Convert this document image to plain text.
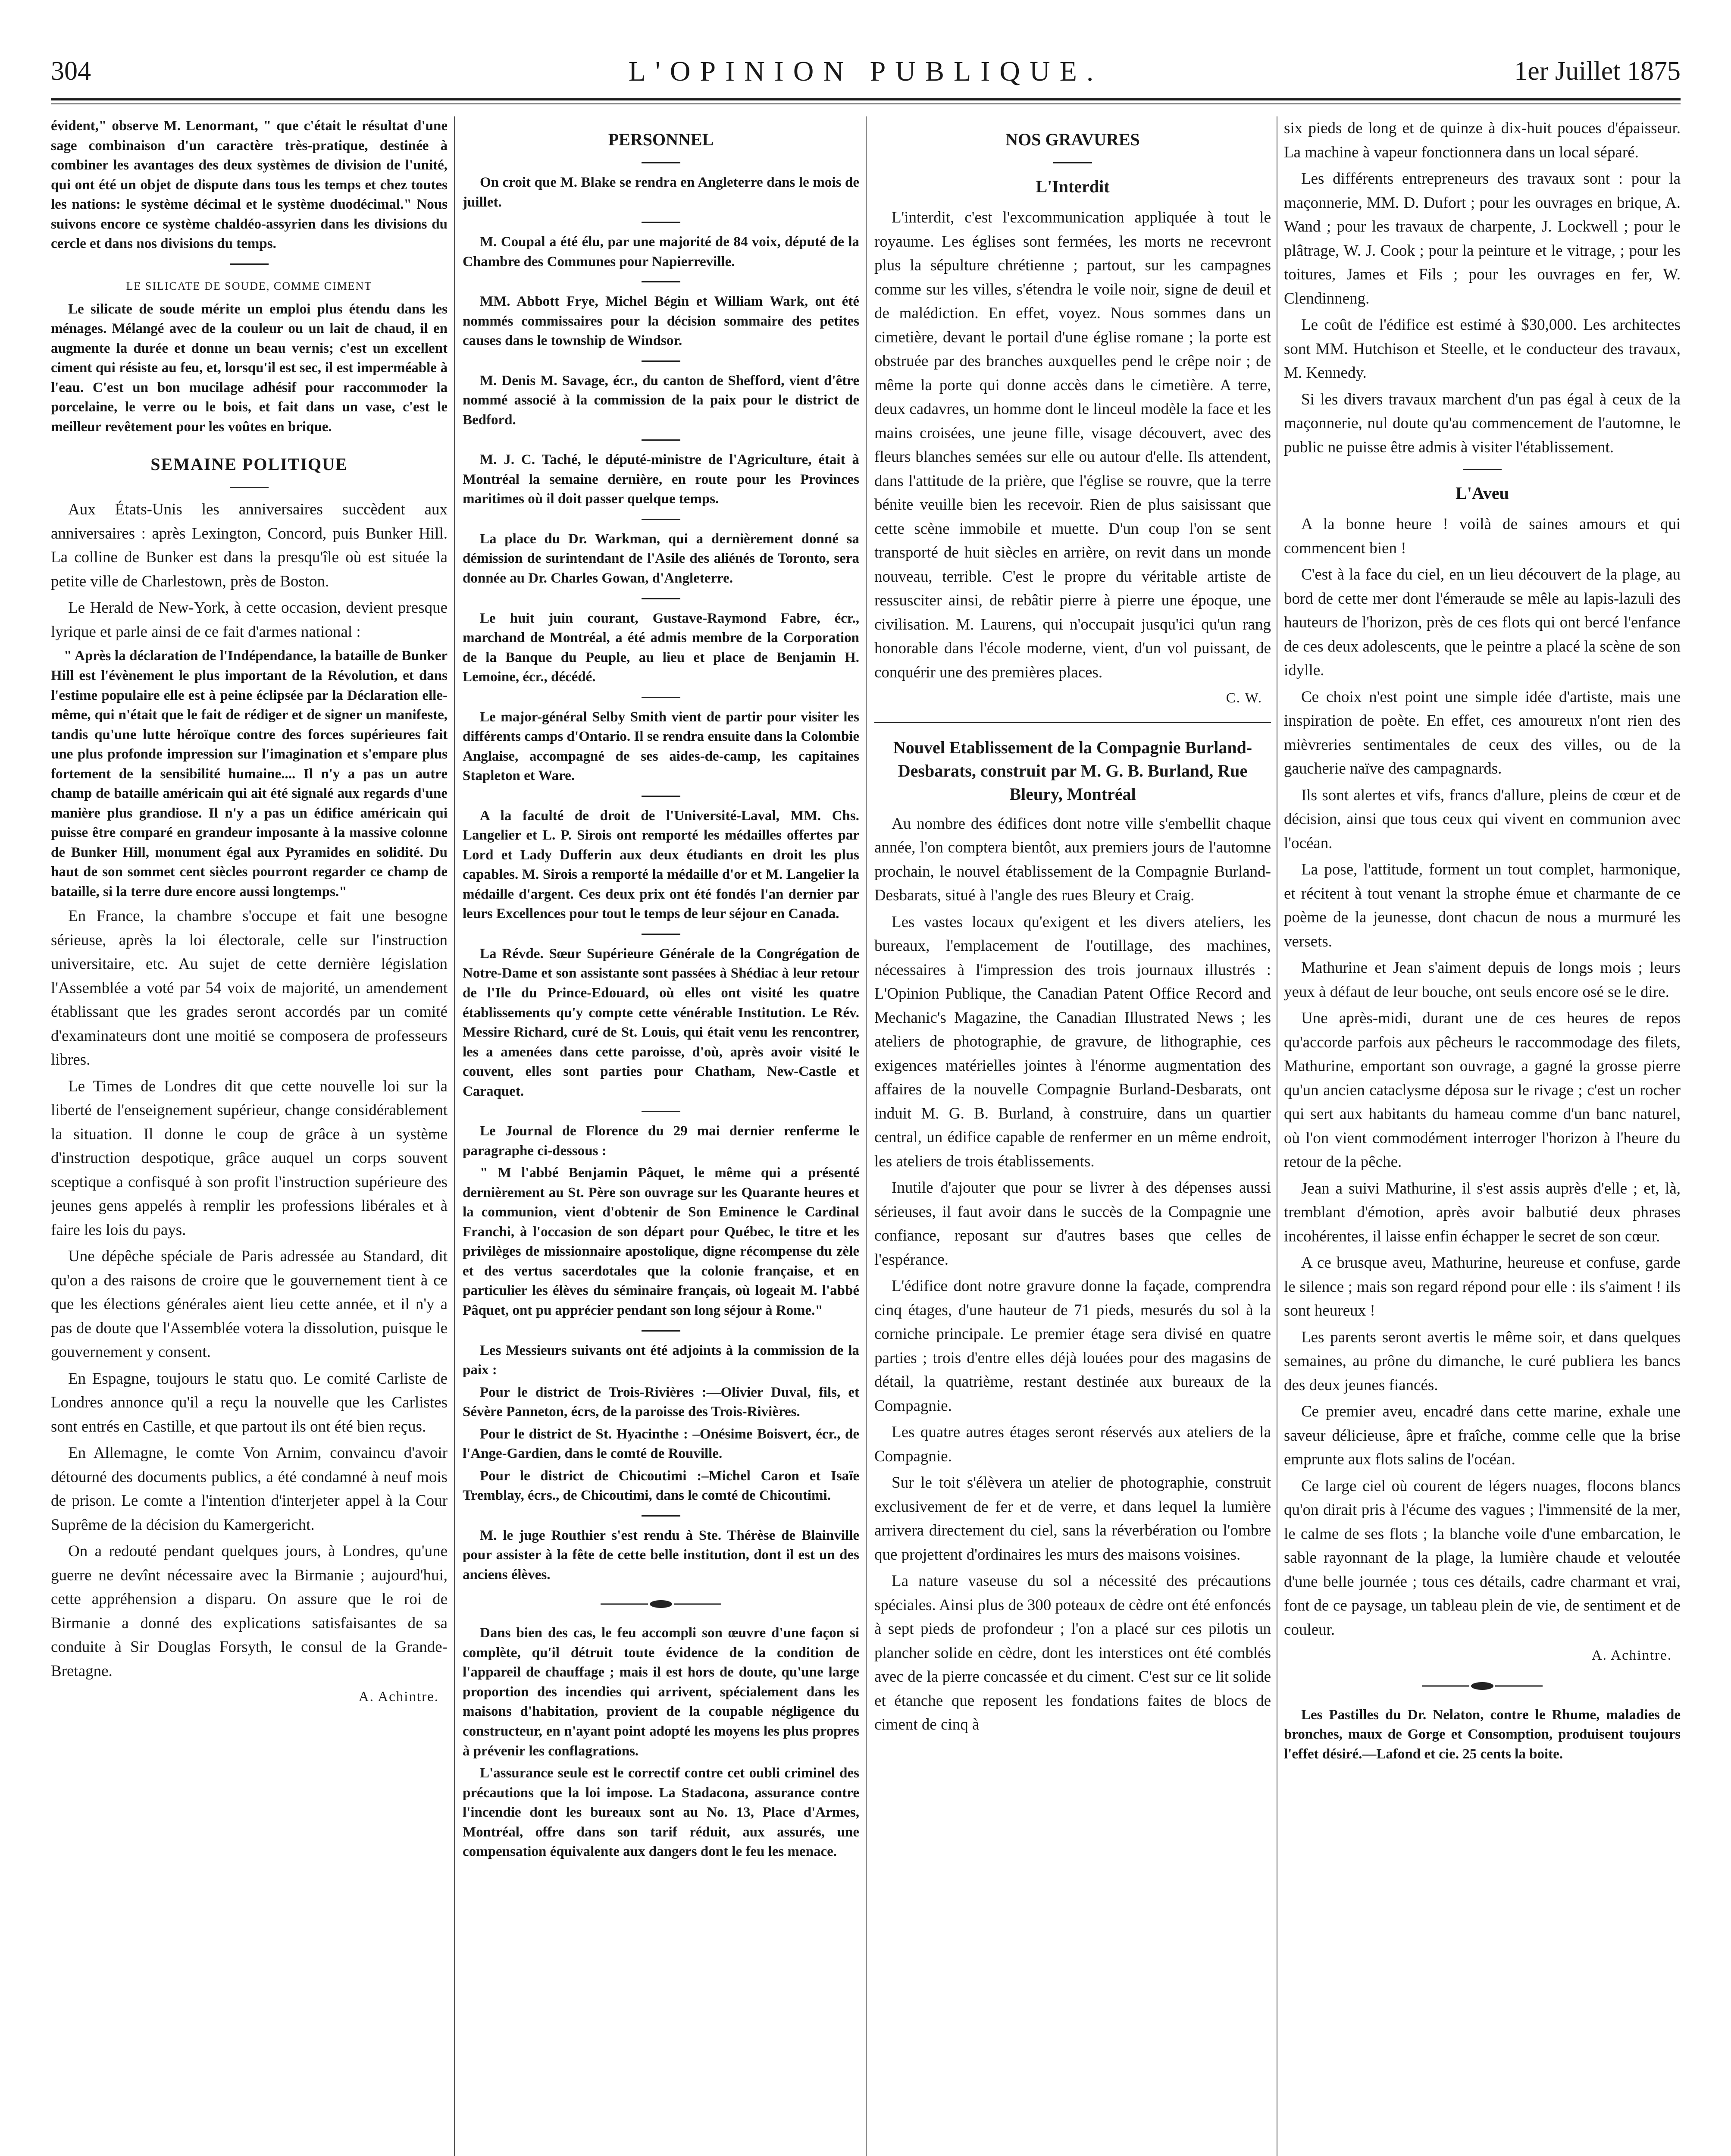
304	L'OPINION PUBLIQUE.	1er Juillet 1875

évident," observe M. Lenormant, " que c'était le résultat d'une sage combinaison d'un caractère très-pratique, destinée à combiner les avantages des deux systèmes de division de l'unité, qui ont été un objet de dispute dans tous les temps et chez toutes les nations: le système décimal et le système duodécimal." Nous suivons encore ce système chaldéo-assyrien dans les divisions du cercle et dans nos divisions du temps.

LE SILICATE DE SOUDE, COMME CIMENT

Le silicate de soude mérite un emploi plus étendu dans les ménages. Mélangé avec de la couleur ou un lait de chaud, il en augmente la durée et donne un beau vernis; c'est un excellent ciment qui résiste au feu, et, lorsqu'il est sec, il est imperméable à l'eau. C'est un bon mucilage adhésif pour raccommoder la porcelaine, le verre ou le bois, et fait dans un vase, c'est le meilleur revêtement pour les voûtes en brique.

SEMAINE POLITIQUE

Aux États-Unis les anniversaires succèdent aux anniversaires : après Lexington, Concord, puis Bunker Hill. La colline de Bunker est dans la presqu'île où est située la petite ville de Charlestown, près de Boston.

Le Herald de New-York, à cette occasion, devient presque lyrique et parle ainsi de ce fait d'armes national :

" Après la déclaration de l'Indépendance, la bataille de Bunker Hill est l'évènement le plus important de la Révolution, et dans l'estime populaire elle est à peine éclipsée par la Déclaration elle-même, qui n'était que le fait de rédiger et de signer un manifeste, tandis qu'une lutte héroïque contre des forces supérieures fait une plus profonde impression sur l'imagination et s'empare plus fortement de la sensibilité humaine.... Il n'y a pas un autre champ de bataille américain qui ait été signalé aux regards d'une manière plus grandiose. Il n'y a pas un édifice américain qui puisse être comparé en grandeur imposante à la massive colonne de Bunker Hill, monument égal aux Pyramides en solidité. Du haut de son sommet cent siècles pourront regarder ce champ de bataille, si la terre dure encore aussi longtemps."

En France, la chambre s'occupe et fait une besogne sérieuse, après la loi électorale, celle sur l'instruction universitaire, etc. Au sujet de cette dernière législation l'Assemblée a voté par 54 voix de majorité, un amendement établissant que les grades seront accordés par un comité d'examinateurs dont une moitié se composera de professeurs libres.

Le Times de Londres dit que cette nouvelle loi sur la liberté de l'enseignement supérieur, change considérablement la situation. Il donne le coup de grâce à un système d'instruction despotique, grâce auquel un corps souvent sceptique a confisqué à son profit l'instruction supérieure des jeunes gens appelés à remplir les professions libérales et à faire les lois du pays.

Une dépêche spéciale de Paris adressée au Standard, dit qu'on a des raisons de croire que le gouvernement tient à ce que les élections générales aient lieu cette année, et il n'y a pas de doute que l'Assemblée votera la dissolution, puisque le gouvernement y consent.

En Espagne, toujours le statu quo. Le comité Carliste de Londres annonce qu'il a reçu la nouvelle que les Carlistes sont entrés en Castille, et que partout ils ont été bien reçus.

En Allemagne, le comte Von Arnim, convaincu d'avoir détourné des documents publics, a été condamné à neuf mois de prison. Le comte a l'intention d'interjeter appel à la Cour Suprême de la décision du Kamergericht.

On a redouté pendant quelques jours, à Londres, qu'une guerre ne devînt nécessaire avec la Birmanie ; aujourd'hui, cette appréhension a disparu. On assure que le roi de Birmanie a donné des explications satisfaisantes de sa conduite à Sir Douglas Forsyth, le consul de la Grande-Bretagne.

A. Achintre.
PERSONNEL

On croit que M. Blake se rendra en Angleterre dans le mois de juillet.

M. Coupal a été élu, par une majorité de 84 voix, député de la Chambre des Communes pour Napierreville.

MM. Abbott Frye, Michel Bégin et William Wark, ont été nommés commissaires pour la décision sommaire des petites causes dans le township de Windsor.

M. Denis M. Savage, écr., du canton de Shefford, vient d'être nommé associé à la commission de la paix pour le district de Bedford.

M. J. C. Taché, le député-ministre de l'Agriculture, était à Montréal la semaine dernière, en route pour les Provinces maritimes où il doit passer quelque temps.

La place du Dr. Warkman, qui a dernièrement donné sa démission de surintendant de l'Asile des aliénés de Toronto, sera donnée au Dr. Charles Gowan, d'Angleterre.

Le huit juin courant, Gustave-Raymond Fabre, écr., marchand de Montréal, a été admis membre de la Corporation de la Banque du Peuple, au lieu et place de Benjamin H. Lemoine, écr., décédé.

Le major-général Selby Smith vient de partir pour visiter les différents camps d'Ontario. Il se rendra ensuite dans la Colombie Anglaise, accompagné de ses aides-de-camp, les capitaines Stapleton et Ware.

A la faculté de droit de l'Université-Laval, MM. Chs. Langelier et L. P. Sirois ont remporté les médailles offertes par Lord et Lady Dufferin aux deux étudiants en droit les plus capables. M. Sirois a remporté la médaille d'or et M. Langelier la médaille d'argent. Ces deux prix ont été fondés l'an dernier par leurs Excellences pour tout le temps de leur séjour en Canada.

La Révde. Sœur Supérieure Générale de la Congrégation de Notre-Dame et son assistante sont passées à Shédiac à leur retour de l'Ile du Prince-Edouard, où elles ont visité les quatre établissements qu'y compte cette vénérable Institution. Le Rév. Messire Richard, curé de St. Louis, qui était venu les rencontrer, les a amenées dans cette paroisse, d'où, après avoir visité le couvent, elles sont parties pour Chatham, New-Castle et Caraquet.

Le Journal de Florence du 29 mai dernier renferme le paragraphe ci-dessous :

" M l'abbé Benjamin Pâquet, le même qui a présenté dernièrement au St. Père son ouvrage sur les Quarante heures et la communion, vient d'obtenir de Son Eminence le Cardinal Franchi, à l'occasion de son départ pour Québec, le titre et les privilèges de missionnaire apostolique, digne récompense du zèle et des vertus sacerdotales que la colonie française, et en particulier les élèves du séminaire français, où logeait M. l'abbé Pâquet, ont pu apprécier pendant son long séjour à Rome."

Les Messieurs suivants ont été adjoints à la commission de la paix :

Pour le district de Trois-Rivières :—Olivier Duval, fils, et Sévère Panneton, écrs, de la paroisse des Trois-Rivières.

Pour le district de St. Hyacinthe : –Onésime Boisvert, écr., de l'Ange-Gardien, dans le comté de Rouville.

Pour le district de Chicoutimi :–Michel Caron et Isaïe Tremblay, écrs., de Chicoutimi, dans le comté de Chicoutimi.

M. le juge Routhier s'est rendu à Ste. Thérèse de Blainville pour assister à la fête de cette belle institution, dont il est un des anciens élèves.

Dans bien des cas, le feu accompli son œuvre d'une façon si complète, qu'il détruit toute évidence de la condition de l'appareil de chauffage ; mais il est hors de doute, qu'une large proportion des incendies qui arrivent, spécialement dans les maisons d'habitation, provient de la coupable négligence du constructeur, en n'ayant point adopté les moyens les plus propres à prévenir les conflagrations.

L'assurance seule est le correctif contre cet oubli criminel des précautions que la loi impose. La Stadacona, assurance contre l'incendie dont les bureaux sont au No. 13, Place d'Armes, Montréal, offre dans son tarif réduit, aux assurés, une compensation équivalente aux dangers dont le feu les menace.

NOS GRAVURES
L'Interdit

L'interdit, c'est l'excommunication appliquée à tout le royaume. Les églises sont fermées, les morts ne recevront plus la sépulture chrétienne ; partout, sur les campagnes comme sur les villes, s'étendra le voile noir, signe de deuil et de malédiction. En effet, voyez. Nous sommes dans un cimetière, devant le portail d'une église romane ; la porte est obstruée par des branches auxquelles pend le crêpe noir ; de même la porte qui donne accès dans le cimetière. A terre, deux cadavres, un homme dont le linceul modèle la face et les mains croisées, une jeune fille, visage découvert, avec des fleurs blanches semées sur elle ou autour d'elle. Ils attendent, dans l'attitude de la prière, que l'église se rouvre, que la terre bénite veuille bien les recevoir. Rien de plus saisissant que cette scène immobile et muette. D'un coup l'on se sent transporté de huit siècles en arrière, on revit dans un monde nouveau, terrible. C'est le propre du véritable artiste de ressusciter ainsi, de rebâtir pierre à pierre une époque, une civilisation. M. Laurens, qui n'occupait jusqu'ici qu'un rang honorable dans l'école moderne, vient, d'un vol puissant, de conquérir une des premières places.

C. W.
Nouvel Etablissement de la Compagnie Burland-Desbarats, construit par M. G. B. Burland, Rue Bleury, Montréal

Au nombre des édifices dont notre ville s'embellit chaque année, l'on comptera bientôt, aux premiers jours de l'automne prochain, le nouvel établissement de la Compagnie Burland-Desbarats, situé à l'angle des rues Bleury et Craig.

Les vastes locaux qu'exigent et les divers ateliers, les bureaux, l'emplacement de l'outillage, des machines, nécessaires à l'impression des trois journaux illustrés : L'Opinion Publique, the Canadian Patent Office Record and Mechanic's Magazine, the Canadian Illustrated News ; les ateliers de photographie, de gravure, de lithographie, ces exigences matérielles jointes à l'énorme augmentation des affaires de la nouvelle Compagnie Burland-Desbarats, ont induit M. G. B. Burland, à construire, dans un quartier central, un édifice capable de renfermer en un même endroit, les ateliers de trois établissements.

Inutile d'ajouter que pour se livrer à des dépenses aussi sérieuses, il faut avoir dans le succès de la Compagnie une confiance, reposant sur d'autres bases que celles de l'espérance.

L'édifice dont notre gravure donne la façade, comprendra cinq étages, d'une hauteur de 71 pieds, mesurés du sol à la corniche principale. Le premier étage sera divisé en quatre parties ; trois d'entre elles déjà louées pour des magasins de détail, la quatrième, restant destinée aux bureaux de la Compagnie.

Les quatre autres étages seront réservés aux ateliers de la Compagnie.

Sur le toit s'élèvera un atelier de photographie, construit exclusivement de fer et de verre, et dans lequel la lumière arrivera directement du ciel, sans la réverbération ou l'ombre que projettent d'ordinaires les murs des maisons voisines.

La nature vaseuse du sol a nécessité des précautions spéciales. Ainsi plus de 300 poteaux de cèdre ont été enfoncés à sept pieds de profondeur ; l'on a placé sur ces pilotis un plancher solide en cèdre, dont les interstices ont été comblés avec de la pierre concassée et du ciment. C'est sur ce lit solide et étanche que reposent les fondations faites de blocs de ciment de cinq à

six pieds de long et de quinze à dix-huit pouces d'épaisseur. La machine à vapeur fonctionnera dans un local séparé.

Les différents entrepreneurs des travaux sont : pour la maçonnerie, MM. D. Dufort ; pour les ouvrages en brique, A. Wand ; pour les travaux de charpente, J. Lockwell ; pour le plâtrage, W. J. Cook ; pour la peinture et le vitrage, ; pour les toitures, James et Fils ; pour les ouvrages en fer, W. Clendinneng.

Le coût de l'édifice est estimé à $30,000. Les architectes sont MM. Hutchison et Steelle, et le conducteur des travaux, M. Kennedy.

Si les divers travaux marchent d'un pas égal à ceux de la maçonnerie, nul doute qu'au commencement de l'automne, le public ne puisse être admis à visiter l'établissement.

L'Aveu

A la bonne heure ! voilà de saines amours et qui commencent bien !

C'est à la face du ciel, en un lieu découvert de la plage, au bord de cette mer dont l'émeraude se mêle au lapis-lazuli des hauteurs de l'horizon, près de ces flots qui ont bercé l'enfance de ces deux adolescents, que le peintre a placé la scène de son idylle.

Ce choix n'est point une simple idée d'artiste, mais une inspiration de poète. En effet, ces amoureux n'ont rien des mièvreries sentimentales de ceux des villes, ou de la gaucherie naïve des campagnards.

Ils sont alertes et vifs, francs d'allure, pleins de cœur et de décision, ainsi que tous ceux qui vivent en communion avec l'océan.

La pose, l'attitude, forment un tout complet, harmonique, et récitent à tout venant la strophe émue et charmante de ce poème de la jeunesse, dont chacun de nous a murmuré les versets.

Mathurine et Jean s'aiment depuis de longs mois ; leurs yeux à défaut de leur bouche, ont seuls encore osé se le dire.

Une après-midi, durant une de ces heures de repos qu'accorde parfois aux pêcheurs le raccommodage des filets, Mathurine, emportant son ouvrage, a gagné la grosse pierre qu'un ancien cataclysme déposa sur le rivage ; c'est un rocher qui sert aux habitants du hameau comme d'un banc naturel, où l'on vient commodément interroger l'horizon à l'heure du retour de la pêche.

Jean a suivi Mathurine, il s'est assis auprès d'elle ; et, là, tremblant d'émotion, après avoir balbutié deux phrases incohérentes, il laisse enfin échapper le secret de son cœur.

A ce brusque aveu, Mathurine, heureuse et confuse, garde le silence ; mais son regard répond pour elle : ils s'aiment ! ils sont heureux !

Les parents seront avertis le même soir, et dans quelques semaines, au prône du dimanche, le curé publiera les bancs des deux jeunes fiancés.

Ce premier aveu, encadré dans cette marine, exhale une saveur délicieuse, âpre et fraîche, comme celle que la brise emprunte aux flots salins de l'océan.

Ce large ciel où courent de légers nuages, flocons blancs qu'on dirait pris à l'écume des vagues ; l'immensité de la mer, le calme de ses flots ; la blanche voile d'une embarcation, le sable rayonnant de la plage, la lumière chaude et veloutée d'une belle journée ; tous ces détails, cadre charmant et vrai, font de ce paysage, un tableau plein de vie, de sentiment et de couleur.

A. Achintre.

Les Pastilles du Dr. Nelaton, contre le Rhume, maladies de bronches, maux de Gorge et Consomption, produisent toujours l'effet désiré.—Lafond et cie. 25 cents la boite.
